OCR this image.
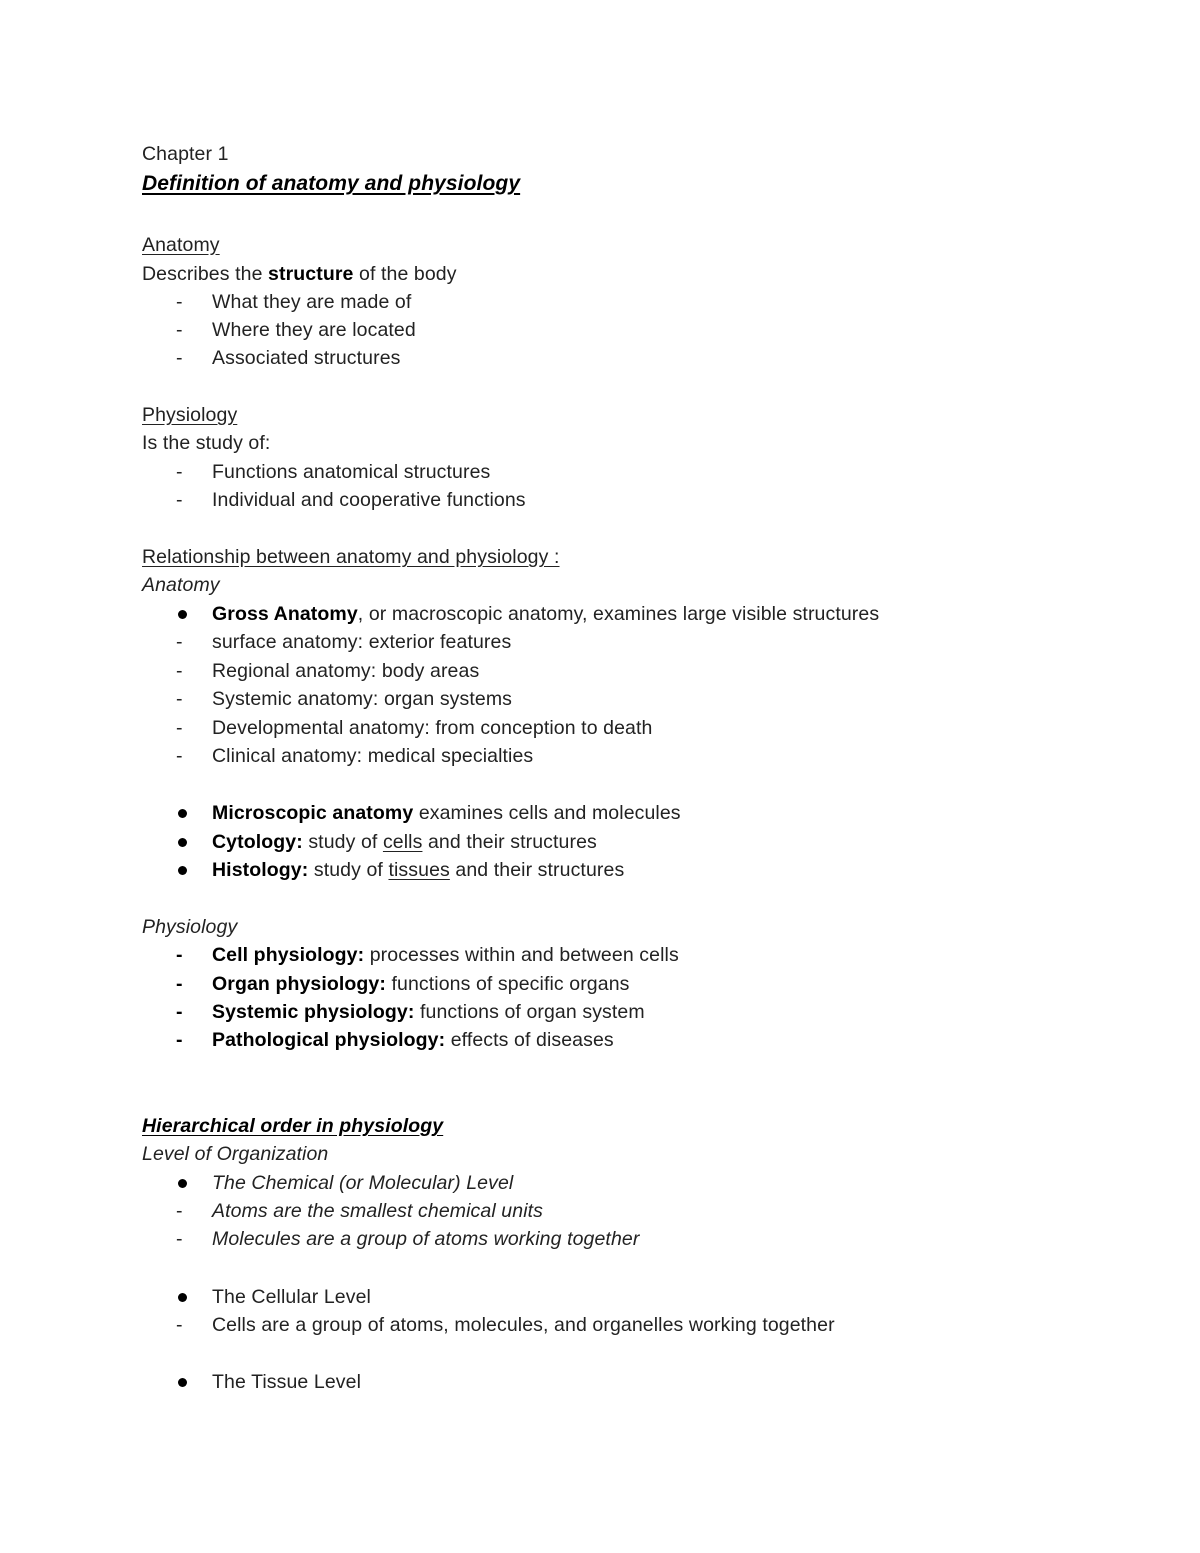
Chapter 1
Definition of anatomy and physiology
Anatomy
Describes the structure of the body
-	What they are made of
-	Where they are located
-	Associated structures
Physiology
Is the study of:
-	Functions anatomical structures
-	Individual and cooperative functions
Relationship between anatomy and physiology :
Anatomy
Gross Anatomy, or macroscopic anatomy, examines large visible structures
-	surface anatomy: exterior features
-	Regional anatomy: body areas
-	Systemic anatomy: organ systems
-	Developmental anatomy: from conception to death
-	Clinical anatomy: medical specialties
Microscopic anatomy examines cells and molecules
Cytology: study of cells and their structures
Histology: study of tissues and their structures
Physiology
-	Cell physiology: processes within and between cells
-	Organ physiology: functions of specific organs
-	Systemic physiology: functions of organ system
-	Pathological physiology: effects of diseases
Hierarchical order in physiology
Level of Organization
The Chemical (or Molecular) Level
-	Atoms are the smallest chemical units
-	Molecules are a group of atoms working together
The Cellular Level
-	Cells are a group of atoms, molecules, and organelles working together
The Tissue Level
